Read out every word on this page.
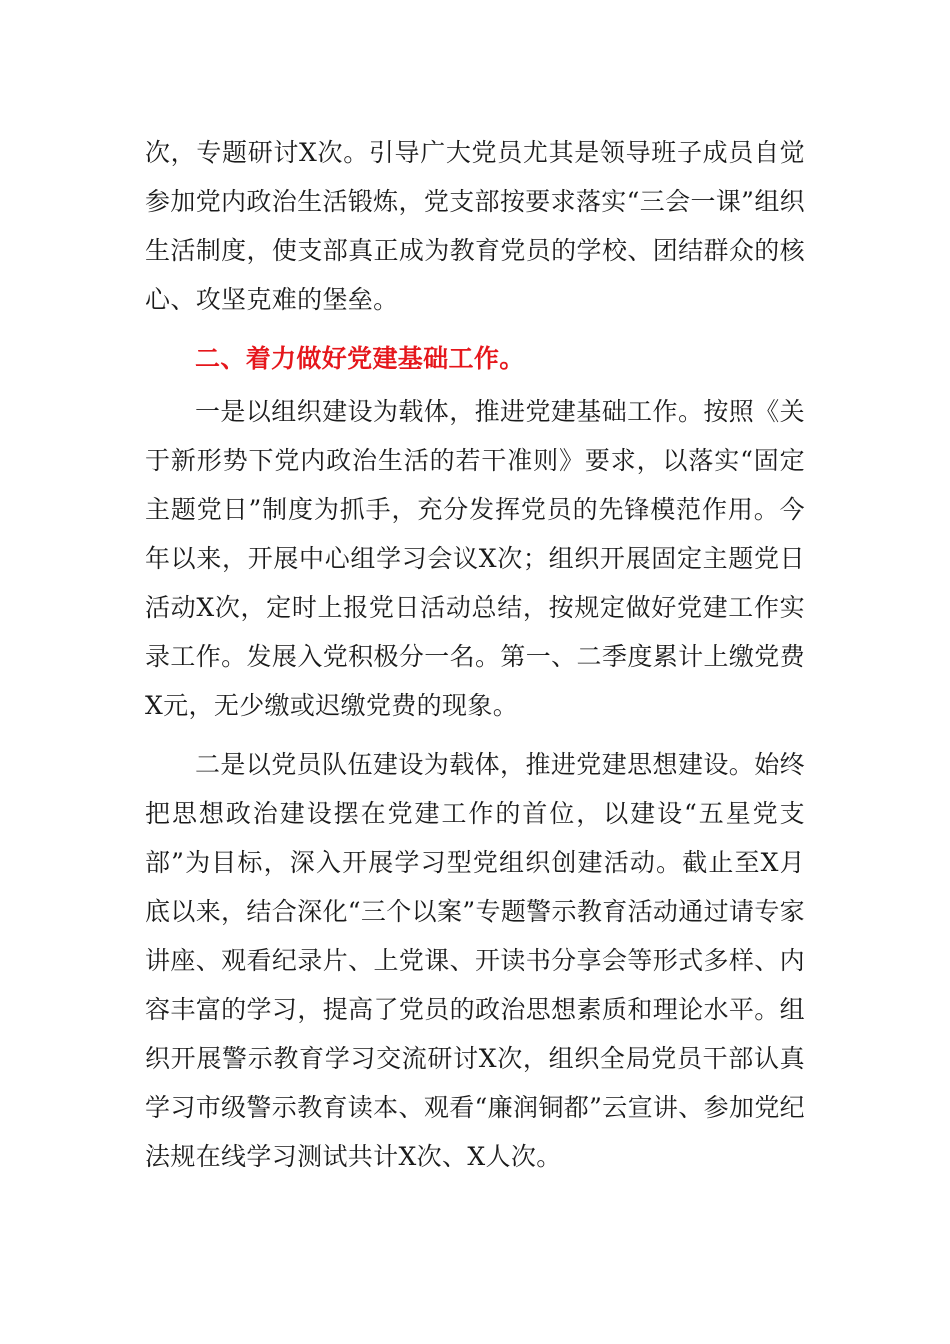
次，专题研讨X次。引导广大党员尤其是领导班子成员自觉参加党内政治生活锻炼，党支部按要求落实“三会一课”组织生活制度，使支部真正成为教育党员的学校、团结群众的核心、攻坚克难的堡垒。

二、着力做好党建基础工作。

一是以组织建设为载体，推进党建基础工作。按照《关于新形势下党内政治生活的若干准则》要求，以落实“固定主题党日”制度为抓手，充分发挥党员的先锋模范作用。今年以来，开展中心组学习会议X次；组织开展固定主题党日活动X次，定时上报党日活动总结，按规定做好党建工作实录工作。发展入党积极分一名。第一、二季度累计上缴党费X元，无少缴或迟缴党费的现象。

二是以党员队伍建设为载体，推进党建思想建设。始终把思想政治建设摆在党建工作的首位，以建设“五星党支部”为目标，深入开展学习型党组织创建活动。截止至X月底以来，结合深化“三个以案”专题警示教育活动通过请专家讲座、观看纪录片、上党课、开读书分享会等形式多样、内容丰富的学习，提高了党员的政治思想素质和理论水平。组织开展警示教育学习交流研讨X次，组织全局党员干部认真学习市级警示教育读本、观看“廉润铜都”云宣讲、参加党纪法规在线学习测试共计X次、X人次。
